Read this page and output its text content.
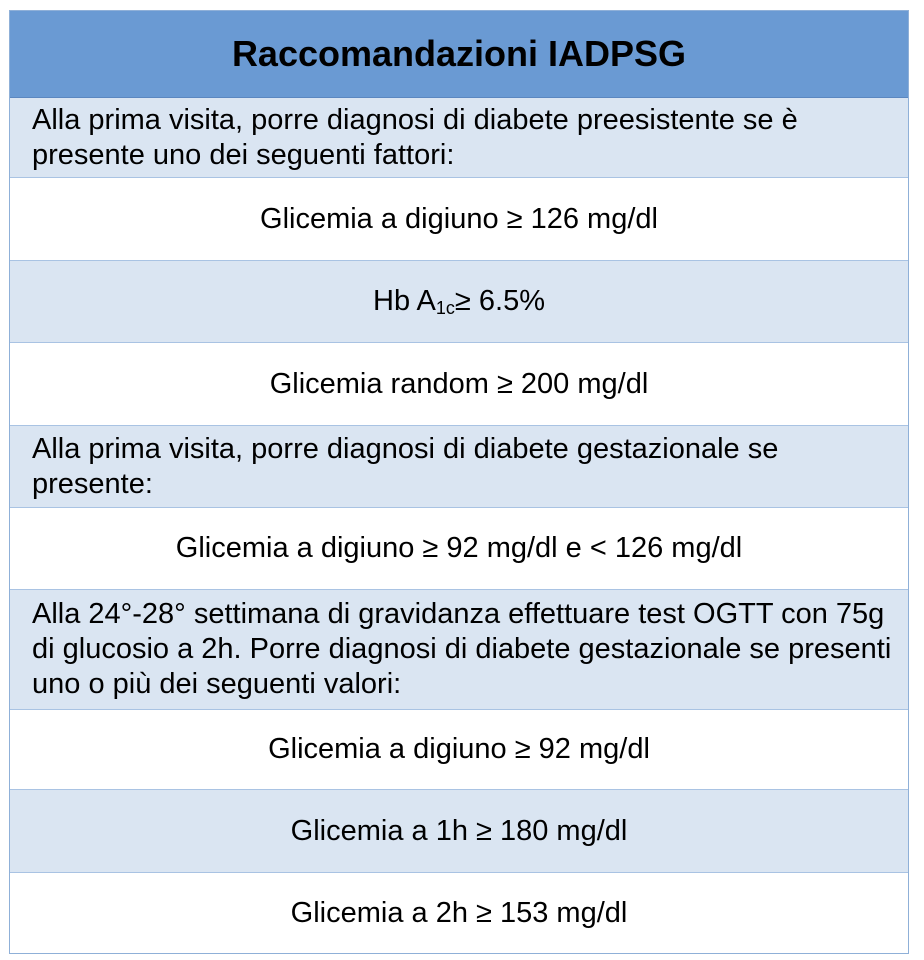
Raccomandazioni IADPSG
Alla prima visita, porre diagnosi di diabete preesistente se è presente uno dei seguenti fattori:
Glicemia a digiuno ≥ 126 mg/dl
Hb $A_{1c}\ge 6.5\%$
Glicemia random ≥ 200 mg/dl
Alla prima visita, porre diagnosi di diabete gestazionale se presente:
Glicemia a digiuno ≥ 92 mg/dl e < 126 mg/dl
Alla 24°-28° settimana di gravidanza effettuare test OGTT con 75g di glucosio a 2h. Porre diagnosi di diabete gestazionale se presenti uno o più dei seguenti valori:
Glicemia a digiuno ≥ 92 mg/dl
Glicemia a 1h ≥ 180 mg/dl
Glicemia a 2h ≥ 153 mg/dl
